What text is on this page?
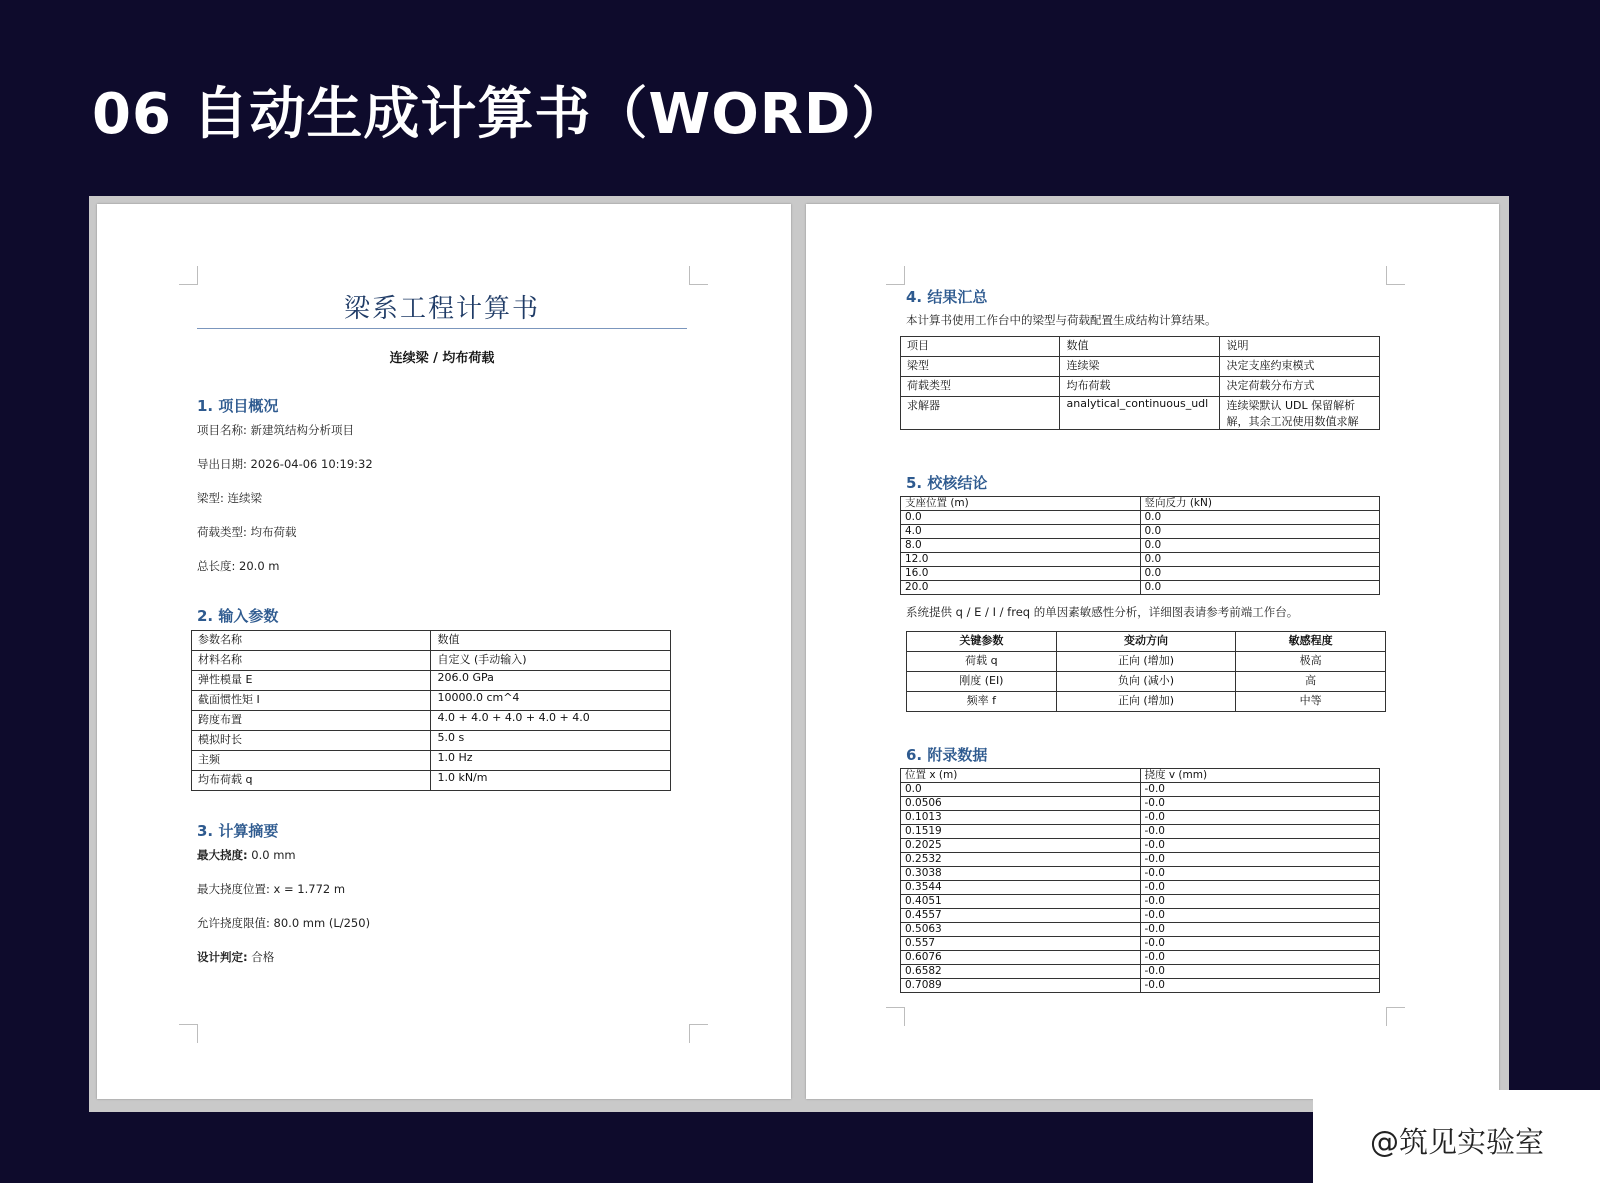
06 自动生成计算书（WORD）
梁系工程计算书
连续梁 / 均布荷载
1. 项目概况
项目名称: 新建筑结构分析项目
导出日期: 2026-04-06 10:19:32
梁型: 连续梁
荷载类型: 均布荷载
总长度: 20.0 m
2. 输入参数
参数名称	数值
材料名称	自定义 (手动输入)
弹性模量 E	206.0 GPa
截面惯性矩 I	10000.0 cm^4
跨度布置	4.0 + 4.0 + 4.0 + 4.0 + 4.0
模拟时长	5.0 s
主频	1.0 Hz
均布荷载 q	1.0 kN/m
3. 计算摘要
最大挠度: 0.0 mm
最大挠度位置: x = 1.772 m
允许挠度限值: 80.0 mm (L/250)
设计判定: 合格
4. 结果汇总
本计算书使用工作台中的梁型与荷载配置生成结构计算结果。
项目	数值	说明
梁型	连续梁	决定支座约束模式
荷载类型	均布荷载	决定荷载分布方式
求解器	analytical_continuous_udl	连续梁默认 UDL 保留解析解，其余工况使用数值求解
5. 校核结论
支座位置 (m)	竖向反力 (kN)
0.0	0.0
4.0	0.0
8.0	0.0
12.0	0.0
16.0	0.0
20.0	0.0
系统提供 q / E / I / freq 的单因素敏感性分析，详细图表请参考前端工作台。
关键参数	变动方向	敏感程度
荷载 q	正向 (增加)	极高
刚度 (EI)	负向 (减小)	高
频率 f	正向 (增加)	中等
6. 附录数据
位置 x (m)	挠度 v (mm)
0.0	-0.0
0.0506	-0.0
0.1013	-0.0
0.1519	-0.0
0.2025	-0.0
0.2532	-0.0
0.3038	-0.0
0.3544	-0.0
0.4051	-0.0
0.4557	-0.0
0.5063	-0.0
0.557	-0.0
0.6076	-0.0
0.6582	-0.0
0.7089	-0.0
@筑见实验室
